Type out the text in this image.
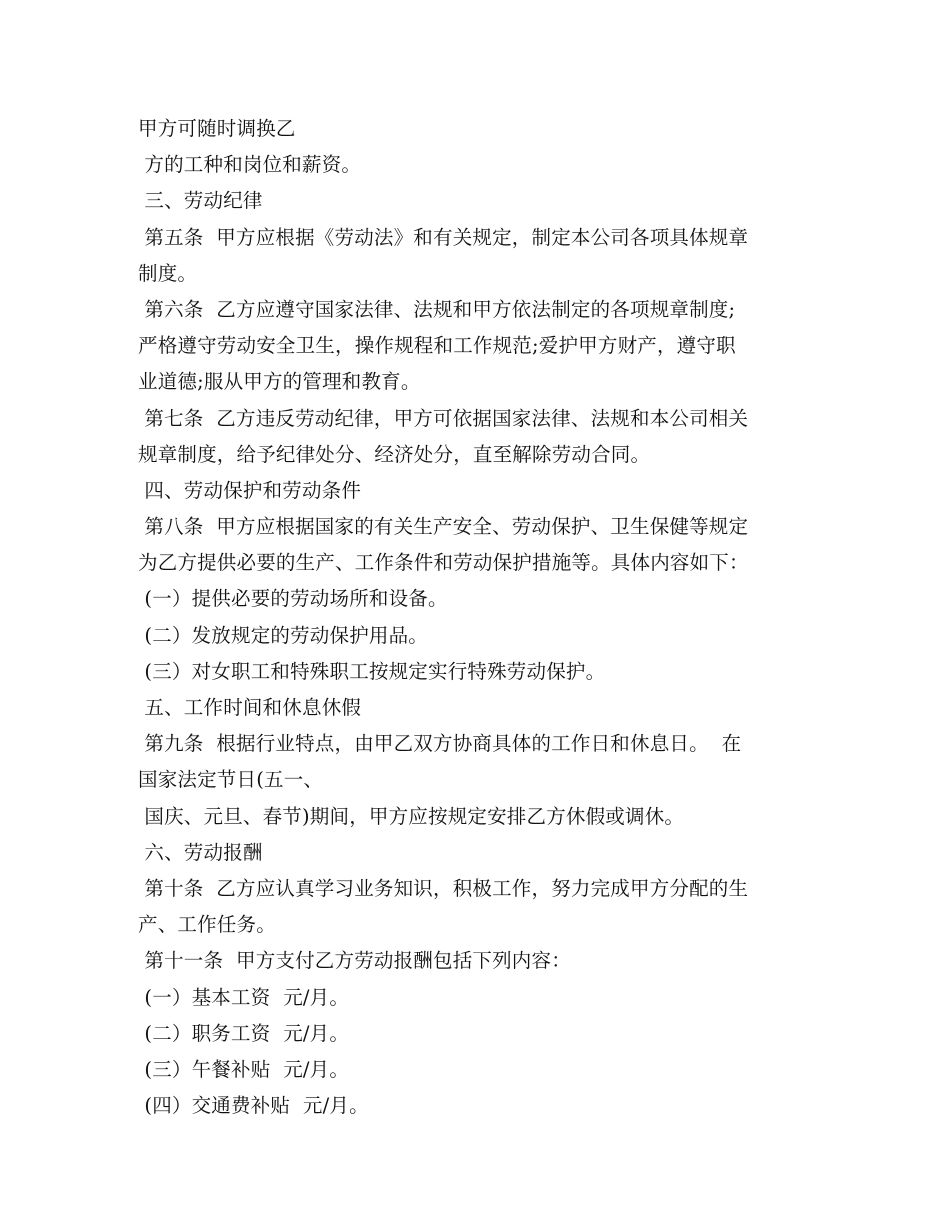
甲方可随时调换乙
方的工种和岗位和薪资。
三、劳动纪律
第五条  甲方应根据《劳动法》和有关规定，制定本公司各项具体规章
制度。
第六条  乙方应遵守国家法律、法规和甲方依法制定的各项规章制度;
严格遵守劳动安全卫生，操作规程和工作规范;爱护甲方财产，遵守职
业道德;服从甲方的管理和教育。
第七条  乙方违反劳动纪律，甲方可依据国家法律、法规和本公司相关
规章制度，给予纪律处分、经济处分，直至解除劳动合同。
四、劳动保护和劳动条件
第八条  甲方应根据国家的有关生产安全、劳动保护、卫生保健等规定
为乙方提供必要的生产、工作条件和劳动保护措施等。具体内容如下：
(一）提供必要的劳动场所和设备。
(二）发放规定的劳动保护用品。
(三）对女职工和特殊职工按规定实行特殊劳动保护。
五、工作时间和休息休假
第九条  根据行业特点，由甲乙双方协商具体的工作日和休息日。  在
国家法定节日(五一、
国庆、元旦、春节)期间，甲方应按规定安排乙方休假或调休。
六、劳动报酬
第十条  乙方应认真学习业务知识，积极工作，努力完成甲方分配的生
产、工作任务。
第十一条  甲方支付乙方劳动报酬包括下列内容：
(一）基本工资  元/月。
(二）职务工资  元/月。
(三）午餐补贴  元/月。
(四）交通费补贴  元/月。
